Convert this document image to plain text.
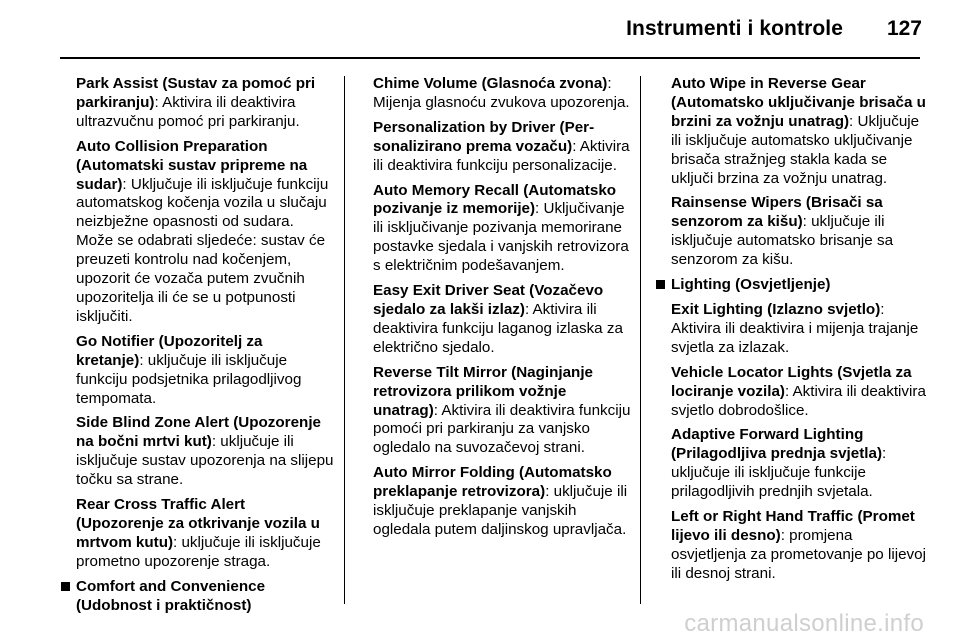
Instrumenti i kontrole 127
Park Assist (Sustav za pomoć pri parkiranju): Aktivira ili deaktivira ultrazvučnu pomoć pri parkiranju.
Auto Collision Preparation (Automatski sustav pripreme na sudar): Uključuje ili isključuje funkciju automatskog kočenja vozila u slučaju neizbježne opasnosti od sudara. Može se odabrati sljedeće: sustav će preuzeti kontrolu nad kočenjem, upozorit će vozača putem zvučnih upozoritelja ili će se u potpunosti isključiti.
Go Notifier (Upozoritelj za kretanje): uključuje ili isključuje funkciju podsjetnika prilagodljivog tempomata.
Side Blind Zone Alert (Upozorenje na bočni mrtvi kut): uključuje ili isključuje sustav upozorenja na slijepu točku sa strane.
Rear Cross Traffic Alert (Upozorenje za otkrivanje vozila u mrtvom kutu): uključuje ili isključuje prometno upozorenje straga.
Comfort and Convenience (Udobnost i praktičnost)
Chime Volume (Glasnoća zvona): Mijenja glasnoću zvukova upozorenja.
Personalization by Driver (Per‐sonalizirano prema vozaču): Aktivira ili deaktivira funkciju personalizacije.
Auto Memory Recall (Automatsko pozivanje iz memorije): Uključivanje ili isključivanje pozivanja memorirane postavke sjedala i vanjskih retrovizora s električnim podešavanjem.
Easy Exit Driver Seat (Vozačevo sjedalo za lakši izlaz): Aktivira ili deaktivira funkciju laganog izlaska za električno sjedalo.
Reverse Tilt Mirror (Naginjanje retrovizora prilikom vožnje unatrag): Aktivira ili deaktivira funkciju pomoći pri parkiranju za vanjsko ogledalo na suvozačevoj strani.
Auto Mirror Folding (Automatsko preklapanje retrovizora): uključuje ili isključuje preklapanje vanjskih ogledala putem daljinskog upravljača.
Auto Wipe in Reverse Gear (Automatsko uključivanje brisača u brzini za vožnju unatrag): Uključuje ili isključuje automatsko uključivanje brisača stražnjeg stakla kada se uključi brzina za vožnju unatrag.
Rainsense Wipers (Brisači sa senzorom za kišu): uključuje ili isključuje automatsko brisanje sa senzorom za kišu.
Lighting (Osvjetljenje)
Exit Lighting (Izlazno svjetlo): Aktivira ili deaktivira i mijenja trajanje svjetla za izlazak.
Vehicle Locator Lights (Svjetla za lociranje vozila): Aktivira ili deaktivira svjetlo dobrodošlice.
Adaptive Forward Lighting (Prilagodljiva prednja svjetla): uključuje ili isključuje funkcije prilagodljivih prednjih svjetala.
Left or Right Hand Traffic (Promet lijevo ili desno): promjena osvjetljenja za prometovanje po lijevoj ili desnoj strani.
carmanualsonline.info
